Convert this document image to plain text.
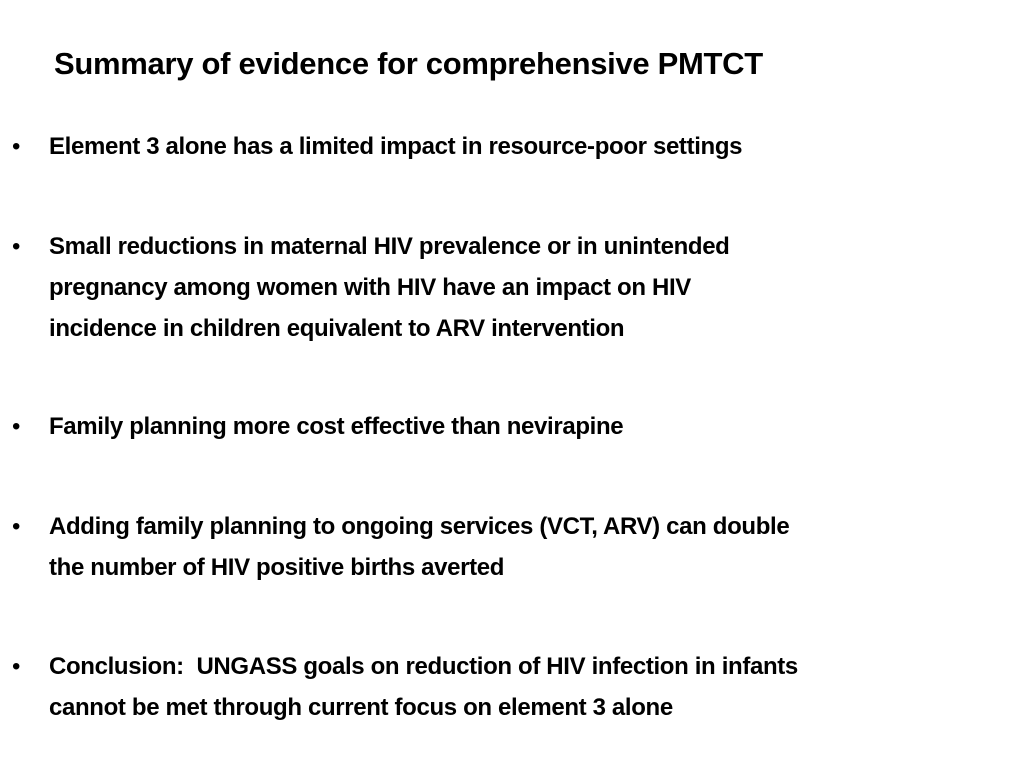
Summary of evidence for comprehensive PMTCT
• Element 3 alone has a limited impact in resource-poor settings
• Small reductions in maternal HIV prevalence or in unintended
pregnancy among women with HIV have an impact on HIV
incidence in children equivalent to ARV intervention
• Family planning more cost effective than nevirapine
• Adding family planning to ongoing services (VCT, ARV) can double
the number of HIV positive births averted
• Conclusion:  UNGASS goals on reduction of HIV infection in infants
cannot be met through current focus on element 3 alone
